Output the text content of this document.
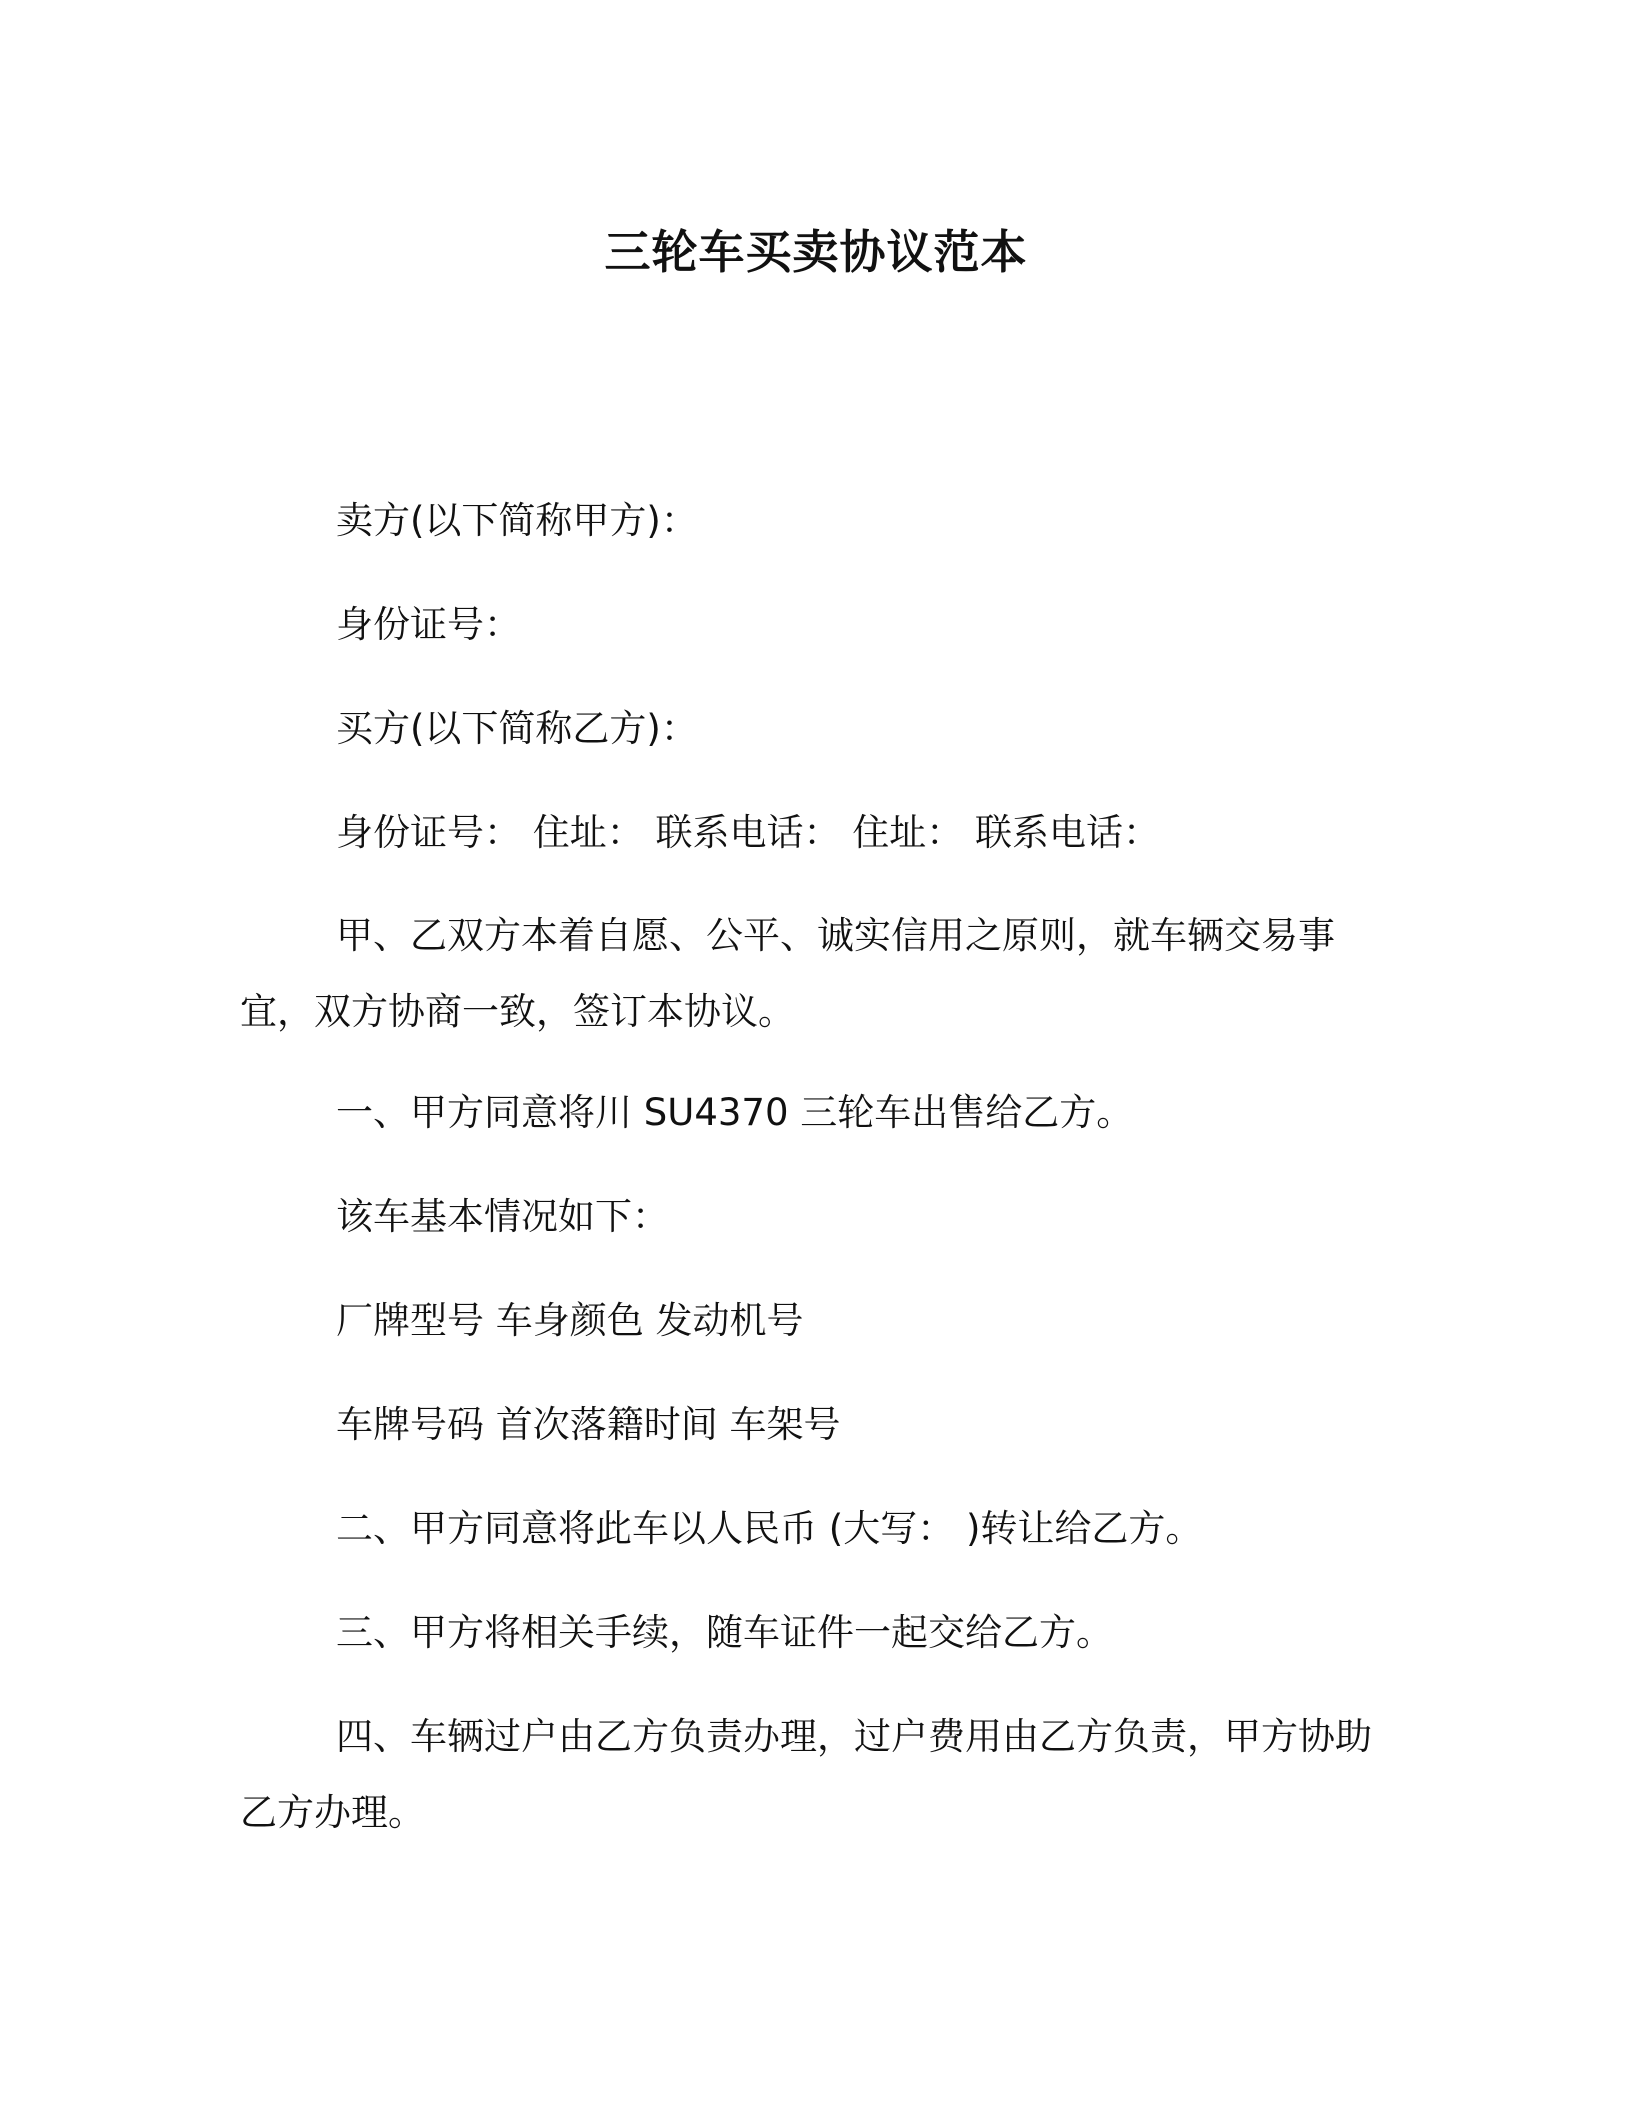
三轮车买卖协议范本

卖方(以下简称甲方)：

身份证号：

买方(以下简称乙方)：

身份证号： 住址： 联系电话： 住址： 联系电话：

甲、乙双方本着自愿、公平、诚实信用之原则，就车辆交易事宜，双方协商一致，签订本协议。

一、甲方同意将川 SU4370 三轮车出售给乙方。

该车基本情况如下：

厂牌型号 车身颜色 发动机号

车牌号码 首次落籍时间 车架号

二、甲方同意将此车以人民币 (大写： )转让给乙方。

三、甲方将相关手续，随车证件一起交给乙方。

四、车辆过户由乙方负责办理，过户费用由乙方负责，甲方协助乙方办理。
